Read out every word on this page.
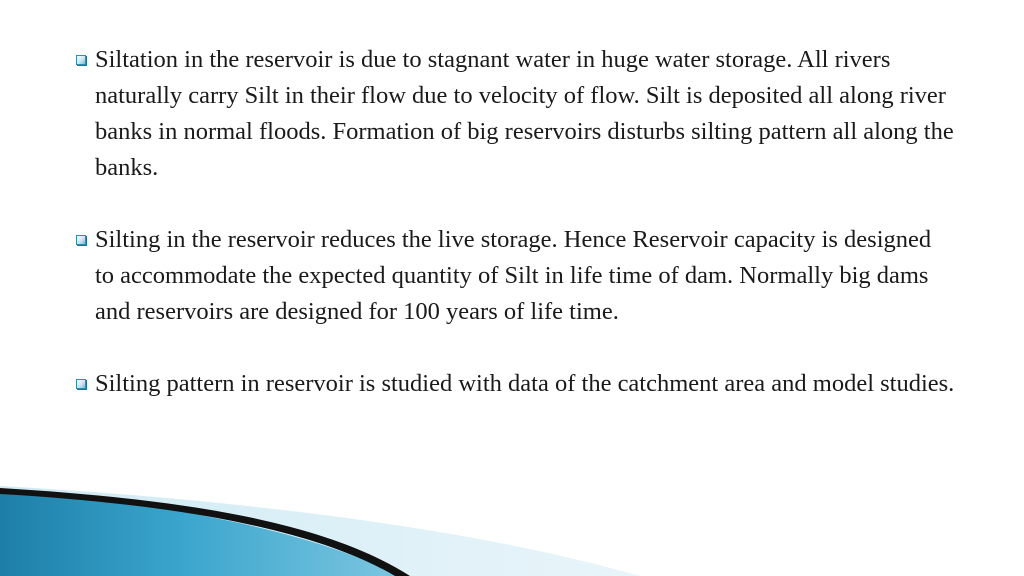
Siltation in the reservoir is due to stagnant water in huge water storage. All rivers naturally carry Silt in their flow due to velocity of flow. Silt is deposited all along river banks in normal floods. Formation of big reservoirs disturbs silting pattern all along the banks.
Silting in the reservoir reduces the live storage. Hence Reservoir capacity is designed to accommodate the expected quantity of Silt in life time of dam. Normally big dams and reservoirs are designed for 100 years of life time.
Silting pattern in reservoir is studied with data of the catchment area and model studies.
